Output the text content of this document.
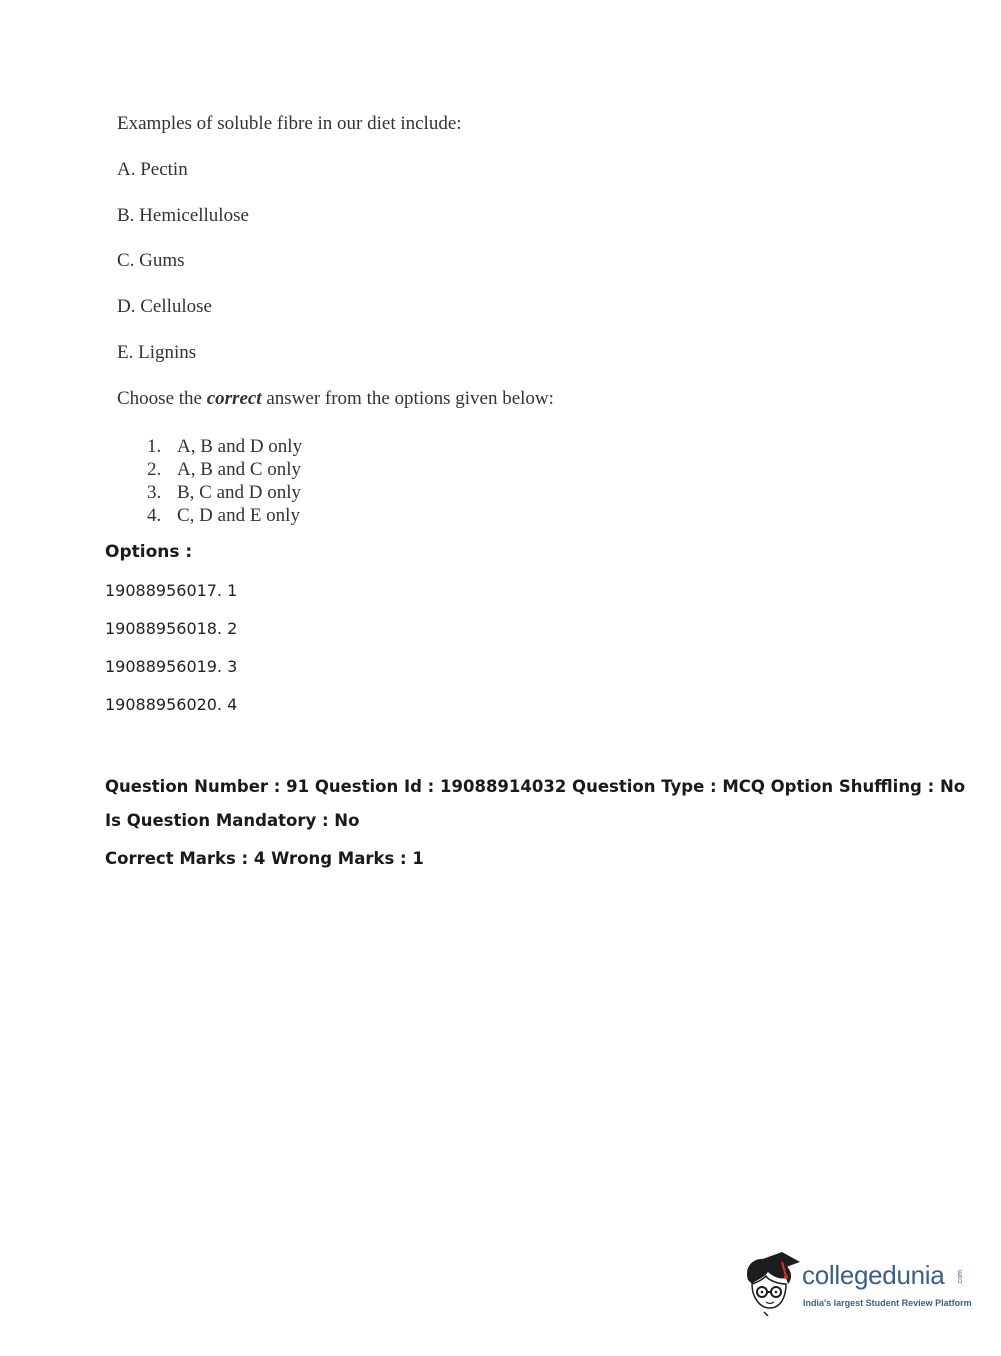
Examples of soluble fibre in our diet include:
A. Pectin
B. Hemicellulose
C. Gums
D. Cellulose
E. Lignins
Choose the correct answer from the options given below:
1. A, B and D only
2. A, B and C only
3. B, C and D only
4. C, D and E only
Options :
19088956017. 1
19088956018. 2
19088956019. 3
19088956020. 4
Question Number : 91 Question Id : 19088914032 Question Type : MCQ Option Shuffling : No
Is Question Mandatory : No
Correct Marks : 4 Wrong Marks : 1
collegedunia .com
India's largest Student Review Platform
